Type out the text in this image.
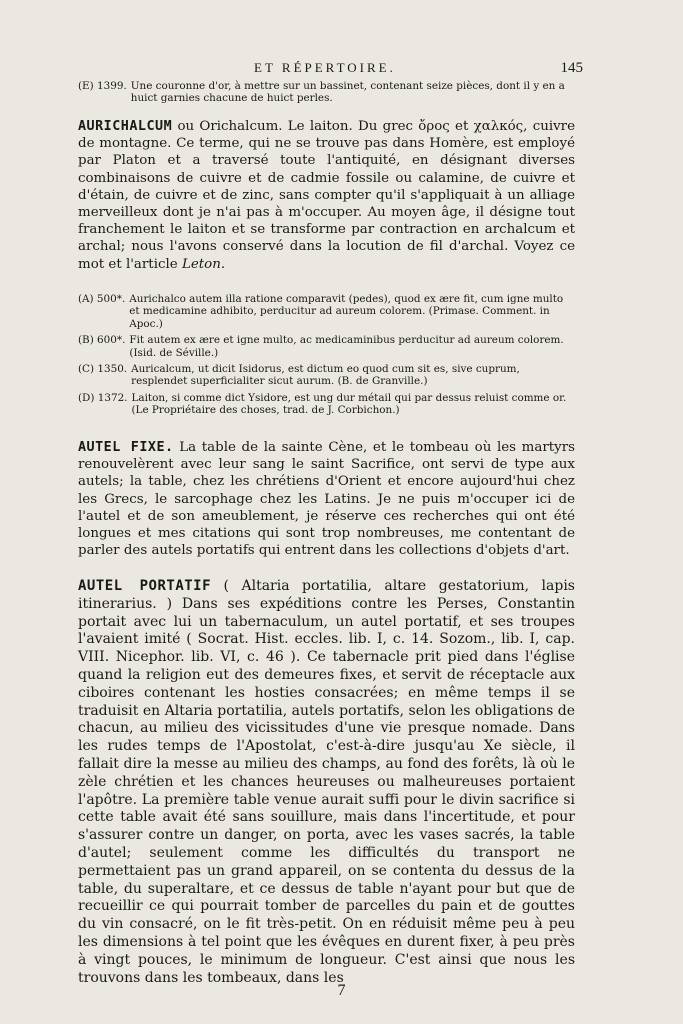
ET RÉPERTOIRE.	145
(E) 1399. Une couronne d'or, à mettre sur un bassinet, contenant seize pièces, dont il y en a huict garnies chacune de huict perles.

AURICHALCUM ou Orichalcum. Le laiton. Du grec ὄρος et χαλκός, cuivre de montagne. Ce terme, qui ne se trouve pas dans Homère, est employé par Platon et a traversé toute l'antiquité, en désignant diverses combinaisons de cuivre et de cadmie fossile ou calamine, de cuivre et d'étain, de cuivre et de zinc, sans compter qu'il s'appliquait à un alliage merveilleux dont je n'ai pas à m'occuper. Au moyen âge, il désigne tout franchement le laiton et se transforme par contraction en archalcum et archal; nous l'avons conservé dans la locution de fil d'archal. Voyez ce mot et l'article Leton.

(A) 500*. Aurichalco autem illa ratione comparavit (pedes), quod ex ære fit, cum igne multo et medicamine adhibito, perducitur ad aureum colorem. (Primase. Comment. in Apoc.)
(B) 600*. Fit autem ex ære et igne multo, ac medicaminibus perducitur ad aureum colorem. (Isid. de Séville.)
(C) 1350. Auricalcum, ut dicit Isidorus, est dictum eo quod cum sit es, sive cuprum, resplendet superficialiter sicut aurum. (B. de Granville.)
(D) 1372. Laiton, si comme dict Ysidore, est ung dur métail qui par dessus reluist comme or. (Le Propriétaire des choses, trad. de J. Corbichon.)

AUTEL FIXE. La table de la sainte Cène, et le tombeau où les martyrs renouvelèrent avec leur sang le saint Sacrifice, ont servi de type aux autels; la table, chez les chrétiens d'Orient et encore aujourd'hui chez les Grecs, le sarcophage chez les Latins. Je ne puis m'occuper ici de l'autel et de son ameublement, je réserve ces recherches qui ont été longues et mes citations qui sont trop nombreuses, me contentant de parler des autels portatifs qui entrent dans les collections d'objets d'art.

AUTEL PORTATIF ( Altaria portatilia, altare gestatorium, lapis itinerarius. ) Dans ses expéditions contre les Perses, Constantin portait avec lui un tabernaculum, un autel portatif, et ses troupes l'avaient imité ( Socrat. Hist. eccles. lib. I, c. 14. Sozom., lib. I, cap. VIII. Nicephor. lib. VI, c. 46 ). Ce tabernacle prit pied dans l'église quand la religion eut des demeures fixes, et servit de réceptacle aux ciboires contenant les hosties consacrées; en même temps il se traduisit en Altaria portatilia, autels portatifs, selon les obligations de chacun, au milieu des vicissitudes d'une vie presque nomade. Dans les rudes temps de l'Apostolat, c'est-à-dire jusqu'au Xe siècle, il fallait dire la messe au milieu des champs, au fond des forêts, là où le zèle chrétien et les chances heureuses ou malheureuses portaient l'apôtre. La première table venue aurait suffi pour le divin sacrifice si cette table avait été sans souillure, mais dans l'incertitude, et pour s'assurer contre un danger, on porta, avec les vases sacrés, la table d'autel; seulement comme les difficultés du transport ne permettaient pas un grand appareil, on se contenta du dessus de la table, du superaltare, et ce dessus de table n'ayant pour but que de recueillir ce qui pourrait tomber de parcelles du pain et de gouttes du vin consacré, on le fit très-petit. On en réduisit même peu à peu les dimensions à tel point que les évêques en durent fixer, à peu près à vingt pouces, le minimum de longueur. C'est ainsi que nous les trouvons dans les tombeaux, dans les

7
